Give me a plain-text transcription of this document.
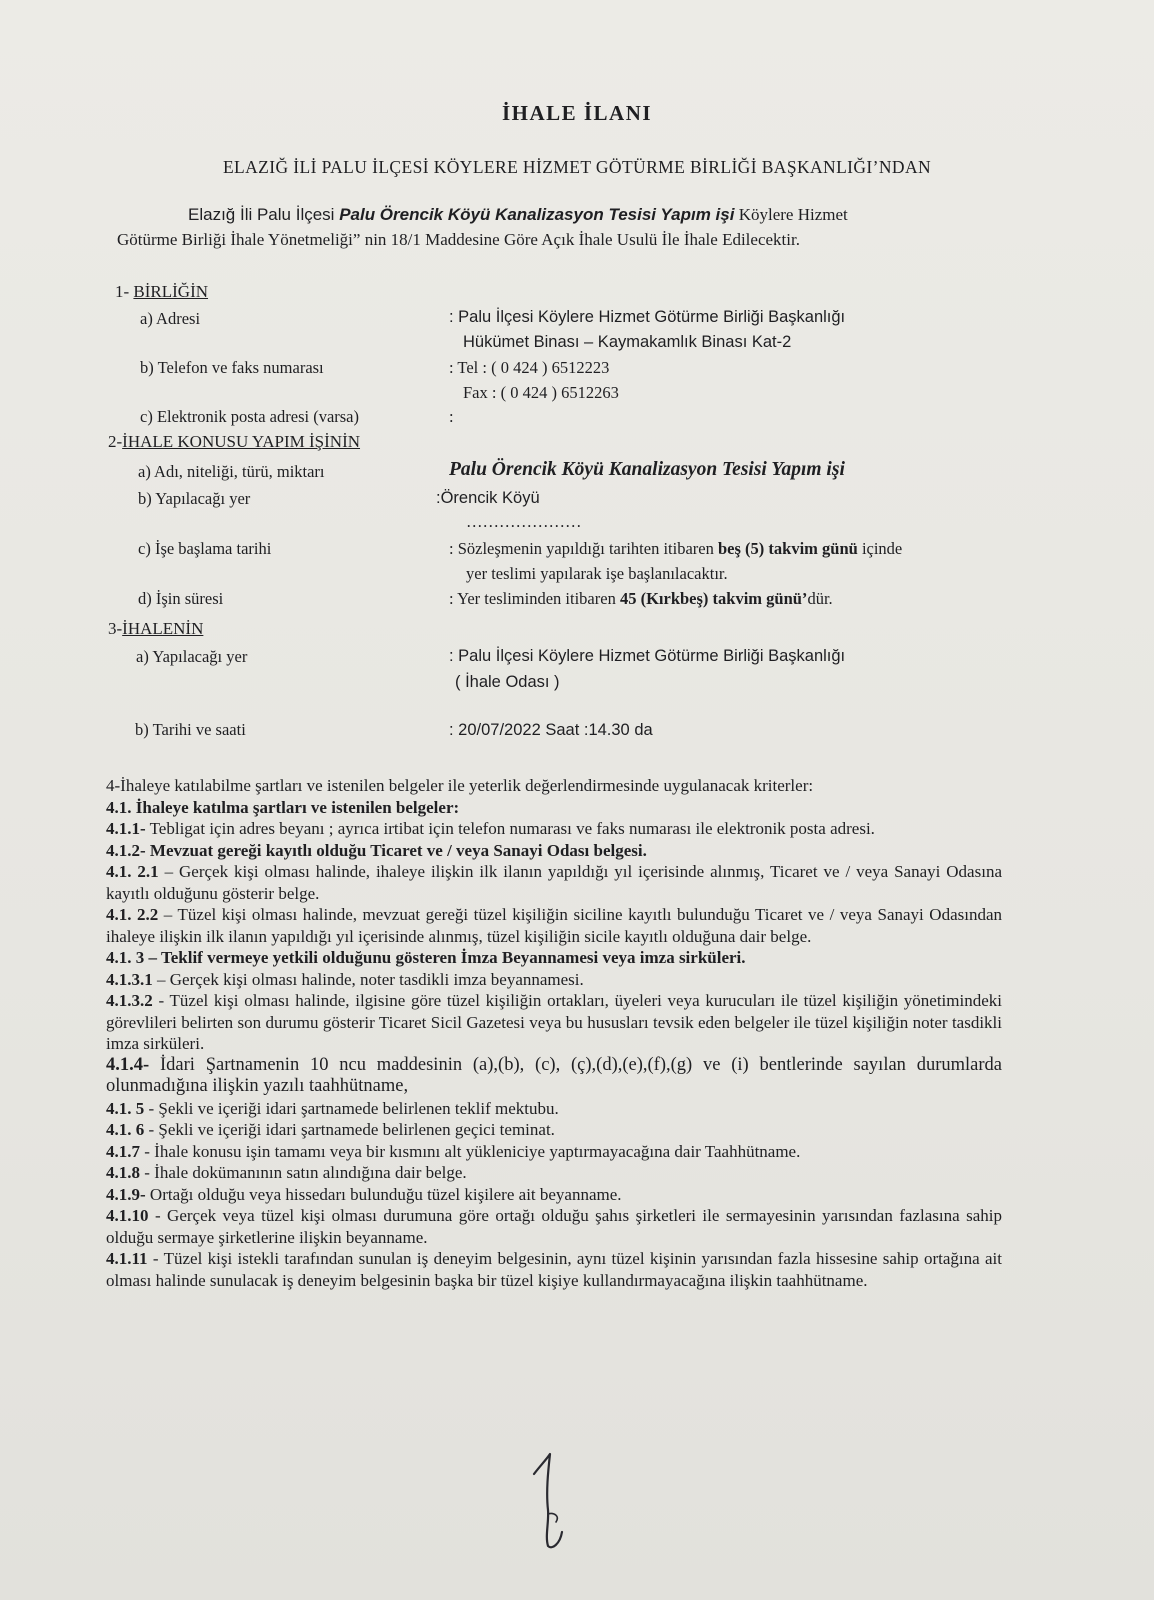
İHALE İLANI
ELAZIĞ İLİ PALU İLÇESİ KÖYLERE HİZMET GÖTÜRME BİRLİĞİ BAŞKANLIĞI’NDAN
Elazığ İli Palu İlçesi Palu Örencik Köyü Kanalizasyon Tesisi Yapım işi Köylere Hizmet
Götürme Birliği İhale Yönetmeliği” nin 18/1 Maddesine Göre Açık İhale Usulü İle İhale Edilecektir.
1- BİRLİĞİN
a) Adresi	: Palu İlçesi Köylere Hizmet Götürme Birliği Başkanlığı
Hükümet Binası – Kaymakamlık Binası Kat-2
b) Telefon ve faks numarası	: Tel : ( 0 424 ) 6512223
Fax : ( 0 424 ) 6512263
c) Elektronik posta adresi (varsa)	:
2-İHALE KONUSU YAPIM İŞİNİN
a) Adı, niteliği, türü, miktarı	Palu Örencik Köyü Kanalizasyon Tesisi Yapım işi
b) Yapılacağı yer	:Örencik Köyü
…………………
c) İşe başlama tarihi	: Sözleşmenin yapıldığı tarihten itibaren beş (5) takvim günü içinde
yer teslimi yapılarak işe başlanılacaktır.
d) İşin süresi	: Yer tesliminden itibaren 45 (Kırkbeş) takvim günü’dür.
3-İHALENİN
a) Yapılacağı yer	: Palu İlçesi Köylere Hizmet Götürme Birliği Başkanlığı
( İhale Odası )
b) Tarihi ve saati	: 20/07/2022 Saat :14.30 da

4-İhaleye katılabilme şartları ve istenilen belgeler ile yeterlik değerlendirmesinde uygulanacak kriterler:

4.1. İhaleye katılma şartları ve istenilen belgeler:

4.1.1- Tebligat için adres beyanı ; ayrıca irtibat için telefon numarası ve faks numarası ile elektronik posta adresi.

4.1.2- Mevzuat gereği kayıtlı olduğu Ticaret ve / veya Sanayi Odası belgesi.

4.1. 2.1 – Gerçek kişi olması halinde, ihaleye ilişkin ilk ilanın yapıldığı yıl içerisinde alınmış, Ticaret ve / veya Sanayi Odasına kayıtlı olduğunu gösterir belge.

4.1. 2.2 – Tüzel kişi olması halinde, mevzuat gereği tüzel kişiliğin siciline kayıtlı bulunduğu Ticaret ve / veya Sanayi Odasından ihaleye ilişkin ilk ilanın yapıldığı yıl içerisinde alınmış, tüzel kişiliğin sicile kayıtlı olduğuna dair belge.

4.1. 3 – Teklif vermeye yetkili olduğunu gösteren İmza Beyannamesi veya imza sirküleri.

4.1.3.1 – Gerçek kişi olması halinde, noter tasdikli imza beyannamesi.

4.1.3.2 - Tüzel kişi olması halinde, ilgisine göre tüzel kişiliğin ortakları, üyeleri veya kurucuları ile tüzel kişiliğin yönetimindeki görevlileri belirten son durumu gösterir Ticaret Sicil Gazetesi veya bu hususları tevsik eden belgeler ile tüzel kişiliğin noter tasdikli imza sirküleri.

4.1.4- İdari Şartnamenin 10 ncu maddesinin (a),(b), (c), (ç),(d),(e),(f),(g) ve (i) bentlerinde sayılan durumlarda olunmadığına ilişkin yazılı taahhütname,

4.1. 5 - Şekli ve içeriği idari şartnamede belirlenen teklif mektubu.

4.1. 6 - Şekli ve içeriği idari şartnamede belirlenen geçici teminat.

4.1.7 - İhale konusu işin tamamı veya bir kısmını alt yükleniciye yaptırmayacağına dair Taahhütname.

4.1.8 - İhale dokümanının satın alındığına dair belge.

4.1.9- Ortağı olduğu veya hissedarı bulunduğu tüzel kişilere ait beyanname.

4.1.10 - Gerçek veya tüzel kişi olması durumuna göre ortağı olduğu şahıs şirketleri ile sermayesinin yarısından fazlasına sahip olduğu sermaye şirketlerine ilişkin beyanname.

4.1.11 - Tüzel kişi istekli tarafından sunulan iş deneyim belgesinin, aynı tüzel kişinin yarısından fazla hissesine sahip ortağına ait olması halinde sunulacak iş deneyim belgesinin başka bir tüzel kişiye kullandırmayacağına ilişkin taahhütname.
